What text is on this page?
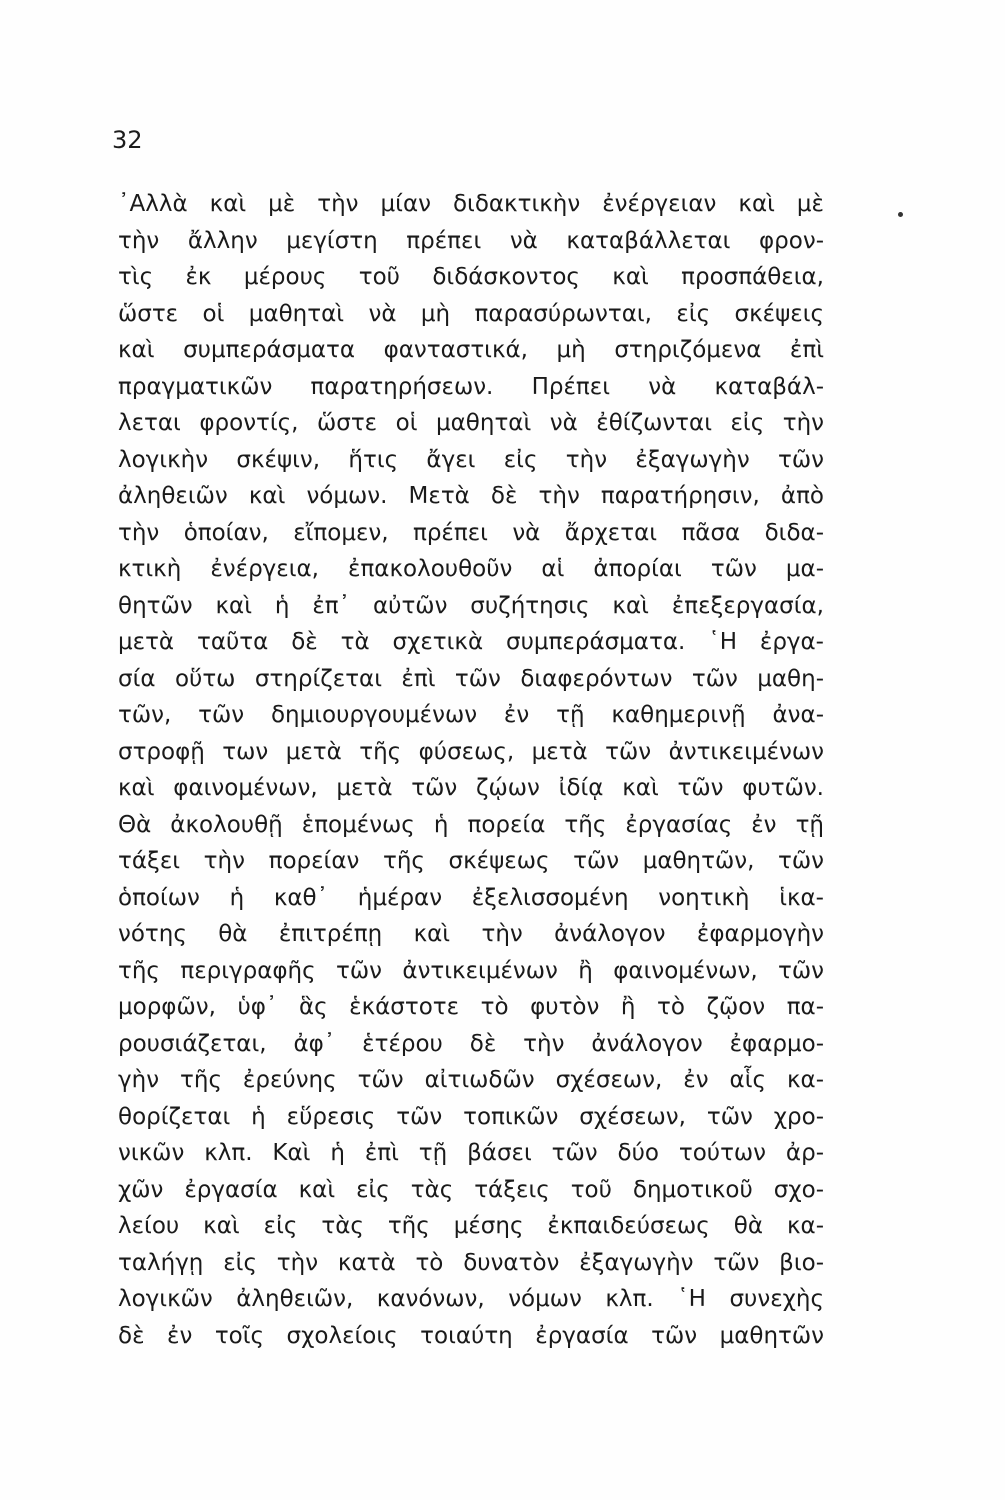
32
᾿Αλλὰ καὶ μὲ τὴν μίαν διδακτικὴν ἐνέργειαν καὶ μὲ
τὴν ἄλλην μεγίστη πρέπει νὰ καταβάλλεται φρον-
τὶς ἐκ μέρους τοῦ διδάσκοντος καὶ προσπάθεια,
ὥστε οἱ μαθηταὶ νὰ μὴ παρασύρωνται, εἰς σκέψεις
καὶ συμπεράσματα φανταστικά, μὴ στηριζόμενα ἐπὶ
πραγματικῶν παρατηρήσεων. Πρέπει νὰ καταβάλ-
λεται φροντίς, ὥστε οἱ μαθηταὶ νὰ ἐθίζωνται εἰς τὴν
λογικὴν σκέψιν, ἥτις ἄγει εἰς τὴν ἐξαγωγὴν τῶν
ἀληθειῶν καὶ νόμων. Μετὰ δὲ τὴν παρατήρησιν, ἀπὸ
τὴν ὁποίαν, εἴπομεν, πρέπει νὰ ἄρχεται πᾶσα διδα-
κτικὴ ἐνέργεια, ἐπακολουθοῦν αἱ ἀπορίαι τῶν μα-
θητῶν καὶ ἡ ἐπ᾿ αὐτῶν συζήτησις καὶ ἐπεξεργασία,
μετὰ ταῦτα δὲ τὰ σχετικὰ συμπεράσματα. ῾Η ἐργα-
σία οὕτω στηρίζεται ἐπὶ τῶν διαφερόντων τῶν μαθη-
τῶν, τῶν δημιουργουμένων ἐν τῇ καθημερινῇ ἀνα-
στροφῇ των μετὰ τῆς φύσεως, μετὰ τῶν ἀντικειμένων
καὶ φαινομένων, μετὰ τῶν ζῴων ἰδίᾳ καὶ τῶν φυτῶν.
Θὰ ἀκολουθῇ ἑπομένως ἡ πορεία τῆς ἐργασίας ἐν τῇ
τάξει τὴν πορείαν τῆς σκέψεως τῶν μαθητῶν, τῶν
ὁποίων ἡ καθ᾿ ἡμέραν ἐξελισσομένη νοητικὴ ἱκα-
νότης θὰ ἐπιτρέπῃ καὶ τὴν ἀνάλογον ἐφαρμογὴν
τῆς περιγραφῆς τῶν ἀντικειμένων ἢ φαινομένων, τῶν
μορφῶν, ὑφ᾿ ἃς ἑκάστοτε τὸ φυτὸν ἢ τὸ ζῷον πα-
ρουσιάζεται, ἀφ᾿ ἑτέρου δὲ τὴν ἀνάλογον ἐφαρμο-
γὴν τῆς ἐρεύνης τῶν αἰτιωδῶν σχέσεων, ἐν αἷς κα-
θορίζεται ἡ εὕρεσις τῶν τοπικῶν σχέσεων, τῶν χρο-
νικῶν κλπ. Καὶ ἡ ἐπὶ τῇ βάσει τῶν δύο τούτων ἀρ-
χῶν ἐργασία καὶ εἰς τὰς τάξεις τοῦ δημοτικοῦ σχο-
λείου καὶ εἰς τὰς τῆς μέσης ἐκπαιδεύσεως θὰ κα-
ταλήγῃ εἰς τὴν κατὰ τὸ δυνατὸν ἐξαγωγὴν τῶν βιο-
λογικῶν ἀληθειῶν, κανόνων, νόμων κλπ. ῾Η συνεχὴς
δὲ ἐν τοῖς σχολείοις τοιαύτη ἐργασία τῶν μαθητῶν
